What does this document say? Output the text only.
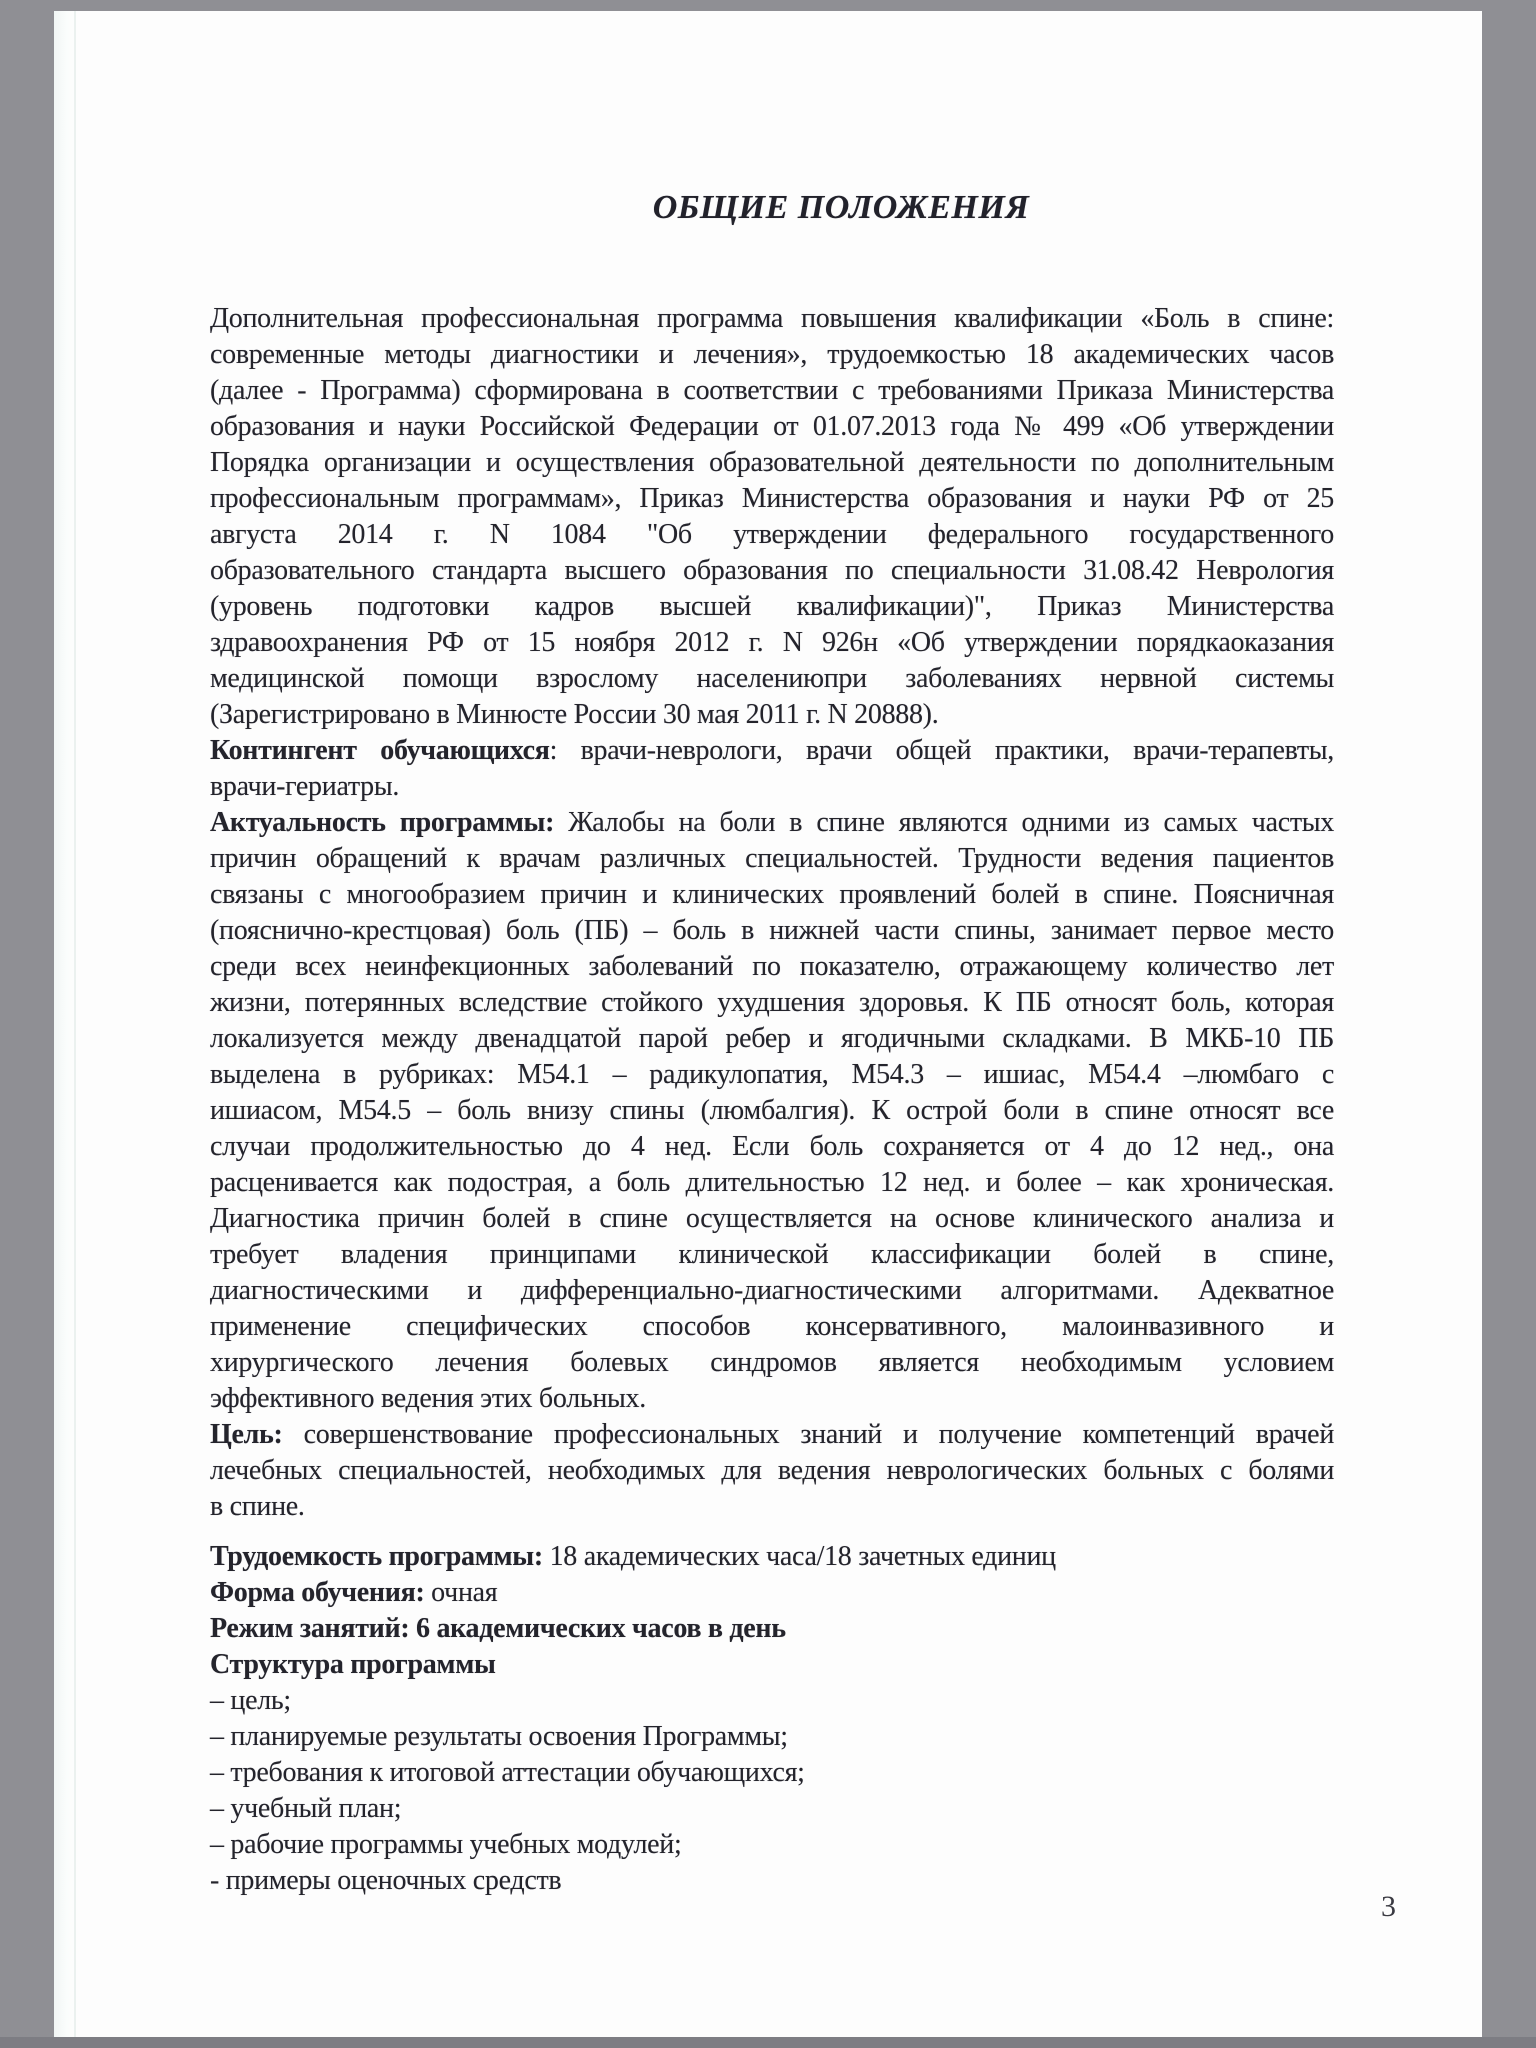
ОБЩИЕ ПОЛОЖЕНИЯ
Дополнительная профессиональная программа повышения квалификации «Боль в спине:
современные методы диагностики и лечения», трудоемкостью 18 академических часов
(далее - Программа) сформирована в соответствии с требованиями Приказа Министерства
образования и науки Российской Федерации от 01.07.2013 года № 499 «Об утверждении
Порядка организации и осуществления образовательной деятельности по дополнительным
профессиональным программам», Приказ Министерства образования и науки РФ от 25
августа 2014 г. N 1084 "Об утверждении федерального государственного
образовательного стандарта высшего образования по специальности 31.08.42 Неврология
(уровень подготовки кадров высшей квалификации)", Приказ Министерства
здравоохранения РФ от 15 ноября 2012 г. N 926н «Об утверждении порядкаоказания
медицинской помощи взрослому населениюпри заболеваниях нервной системы
(Зарегистрировано в Минюсте России 30 мая 2011 г. N 20888).
Контингент обучающихся: врачи-неврологи, врачи общей практики, врачи-терапевты,
врачи-гериатры.
Актуальность программы: Жалобы на боли в спине являются одними из самых частых
причин обращений к врачам различных специальностей. Трудности ведения пациентов
связаны с многообразием причин и клинических проявлений болей в спине. Поясничная
(пояснично-крестцовая) боль (ПБ) – боль в нижней части спины, занимает первое место
среди всех неинфекционных заболеваний по показателю, отражающему количество лет
жизни, потерянных вследствие стойкого ухудшения здоровья. К ПБ относят боль, которая
локализуется между двенадцатой парой ребер и ягодичными складками. В МКБ-10 ПБ
выделена в рубриках: М54.1 – радикулопатия, М54.3 – ишиас, М54.4 –люмбаго с
ишиасом, М54.5 – боль внизу спины (люмбалгия). К острой боли в спине относят все
случаи продолжительностью до 4 нед. Если боль сохраняется от 4 до 12 нед., она
расценивается как подострая, а боль длительностью 12 нед. и более – как хроническая.
Диагностика причин болей в спине осуществляется на основе клинического анализа и
требует владения принципами клинической классификации болей в спине,
диагностическими и дифференциально-диагностическими алгоритмами. Адекватное
применение специфических способов консервативного, малоинвазивного и
хирургического лечения болевых синдромов является необходимым условием
эффективного ведения этих больных.
Цель: совершенствование профессиональных знаний и получение компетенций врачей
лечебных специальностей, необходимых для ведения неврологических больных с болями
в спине.
Трудоемкость программы: 18 академических часа/18 зачетных единиц
Форма обучения: очная
Режим занятий: 6 академических часов в день
Структура программы
– цель;
– планируемые результаты освоения Программы;
– требования к итоговой аттестации обучающихся;
– учебный план;
– рабочие программы учебных модулей;
- примеры оценочных средств
3
